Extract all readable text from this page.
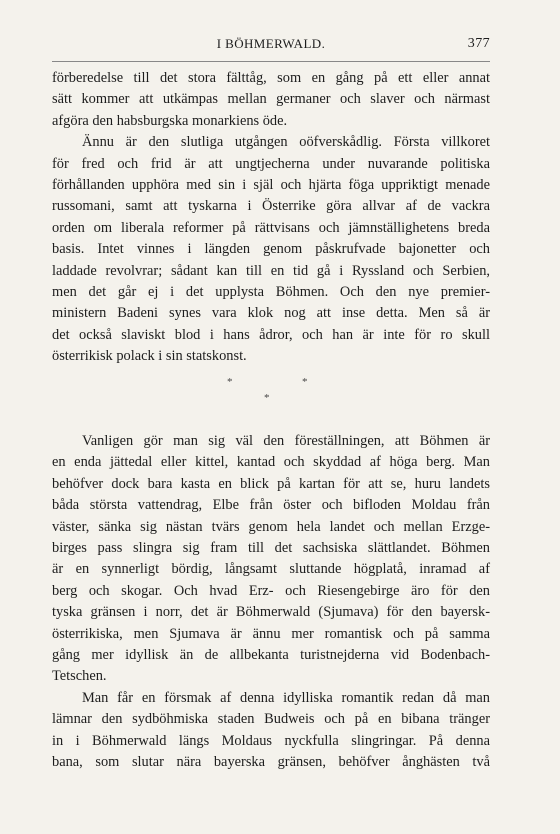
I BÖHMERWALD.	377
förberedelse till det stora fälttåg, som en gång på ett eller annat
sätt kommer att utkämpas mellan germaner och slaver och närmast
afgöra den habsburgska monarkiens öde.
Ännu är den slutliga utgången oöfverskådlig. Första villkoret
för fred och frid är att ungtjecherna under nuvarande politiska
förhållanden upphöra med sin i själ och hjärta föga uppriktigt menade
russomani, samt att tyskarna i Österrike göra allvar af de vackra
orden om liberala reformer på rättvisans och jämnställighetens breda
basis. Intet vinnes i längden genom påskrufvade bajonetter och
laddade revolvrar; sådant kan till en tid gå i Ryssland och Serbien,
men det går ej i det upplysta Böhmen. Och den nye premier-
ministern Badeni synes vara klok nog att inse detta. Men så är
det också slaviskt blod i hans ådror, och han är inte för ro skull
österrikisk polack i sin statskonst.
*	*
*
Vanligen gör man sig väl den föreställningen, att Böhmen är
en enda jättedal eller kittel, kantad och skyddad af höga berg. Man
behöfver dock bara kasta en blick på kartan för att se, huru landets
båda största vattendrag, Elbe från öster och bifloden Moldau från
väster, sänka sig nästan tvärs genom hela landet och mellan Erzge-
birges pass slingra sig fram till det sachsiska slättlandet. Böhmen
är en synnerligt bördig, långsamt sluttande högplatå, inramad af
berg och skogar. Och hvad Erz- och Riesengebirge äro för den
tyska gränsen i norr, det är Böhmerwald (Sjumava) för den bayersk-
österrikiska, men Sjumava är ännu mer romantisk och på samma
gång mer idyllisk än de allbekanta turistnejderna vid Bodenbach-
Tetschen.
Man får en försmak af denna idylliska romantik redan då man
lämnar den sydböhmiska staden Budweis och på en bibana tränger
in i Böhmerwald längs Moldaus nyckfulla slingringar. På denna
bana, som slutar nära bayerska gränsen, behöfver ånghästen två
